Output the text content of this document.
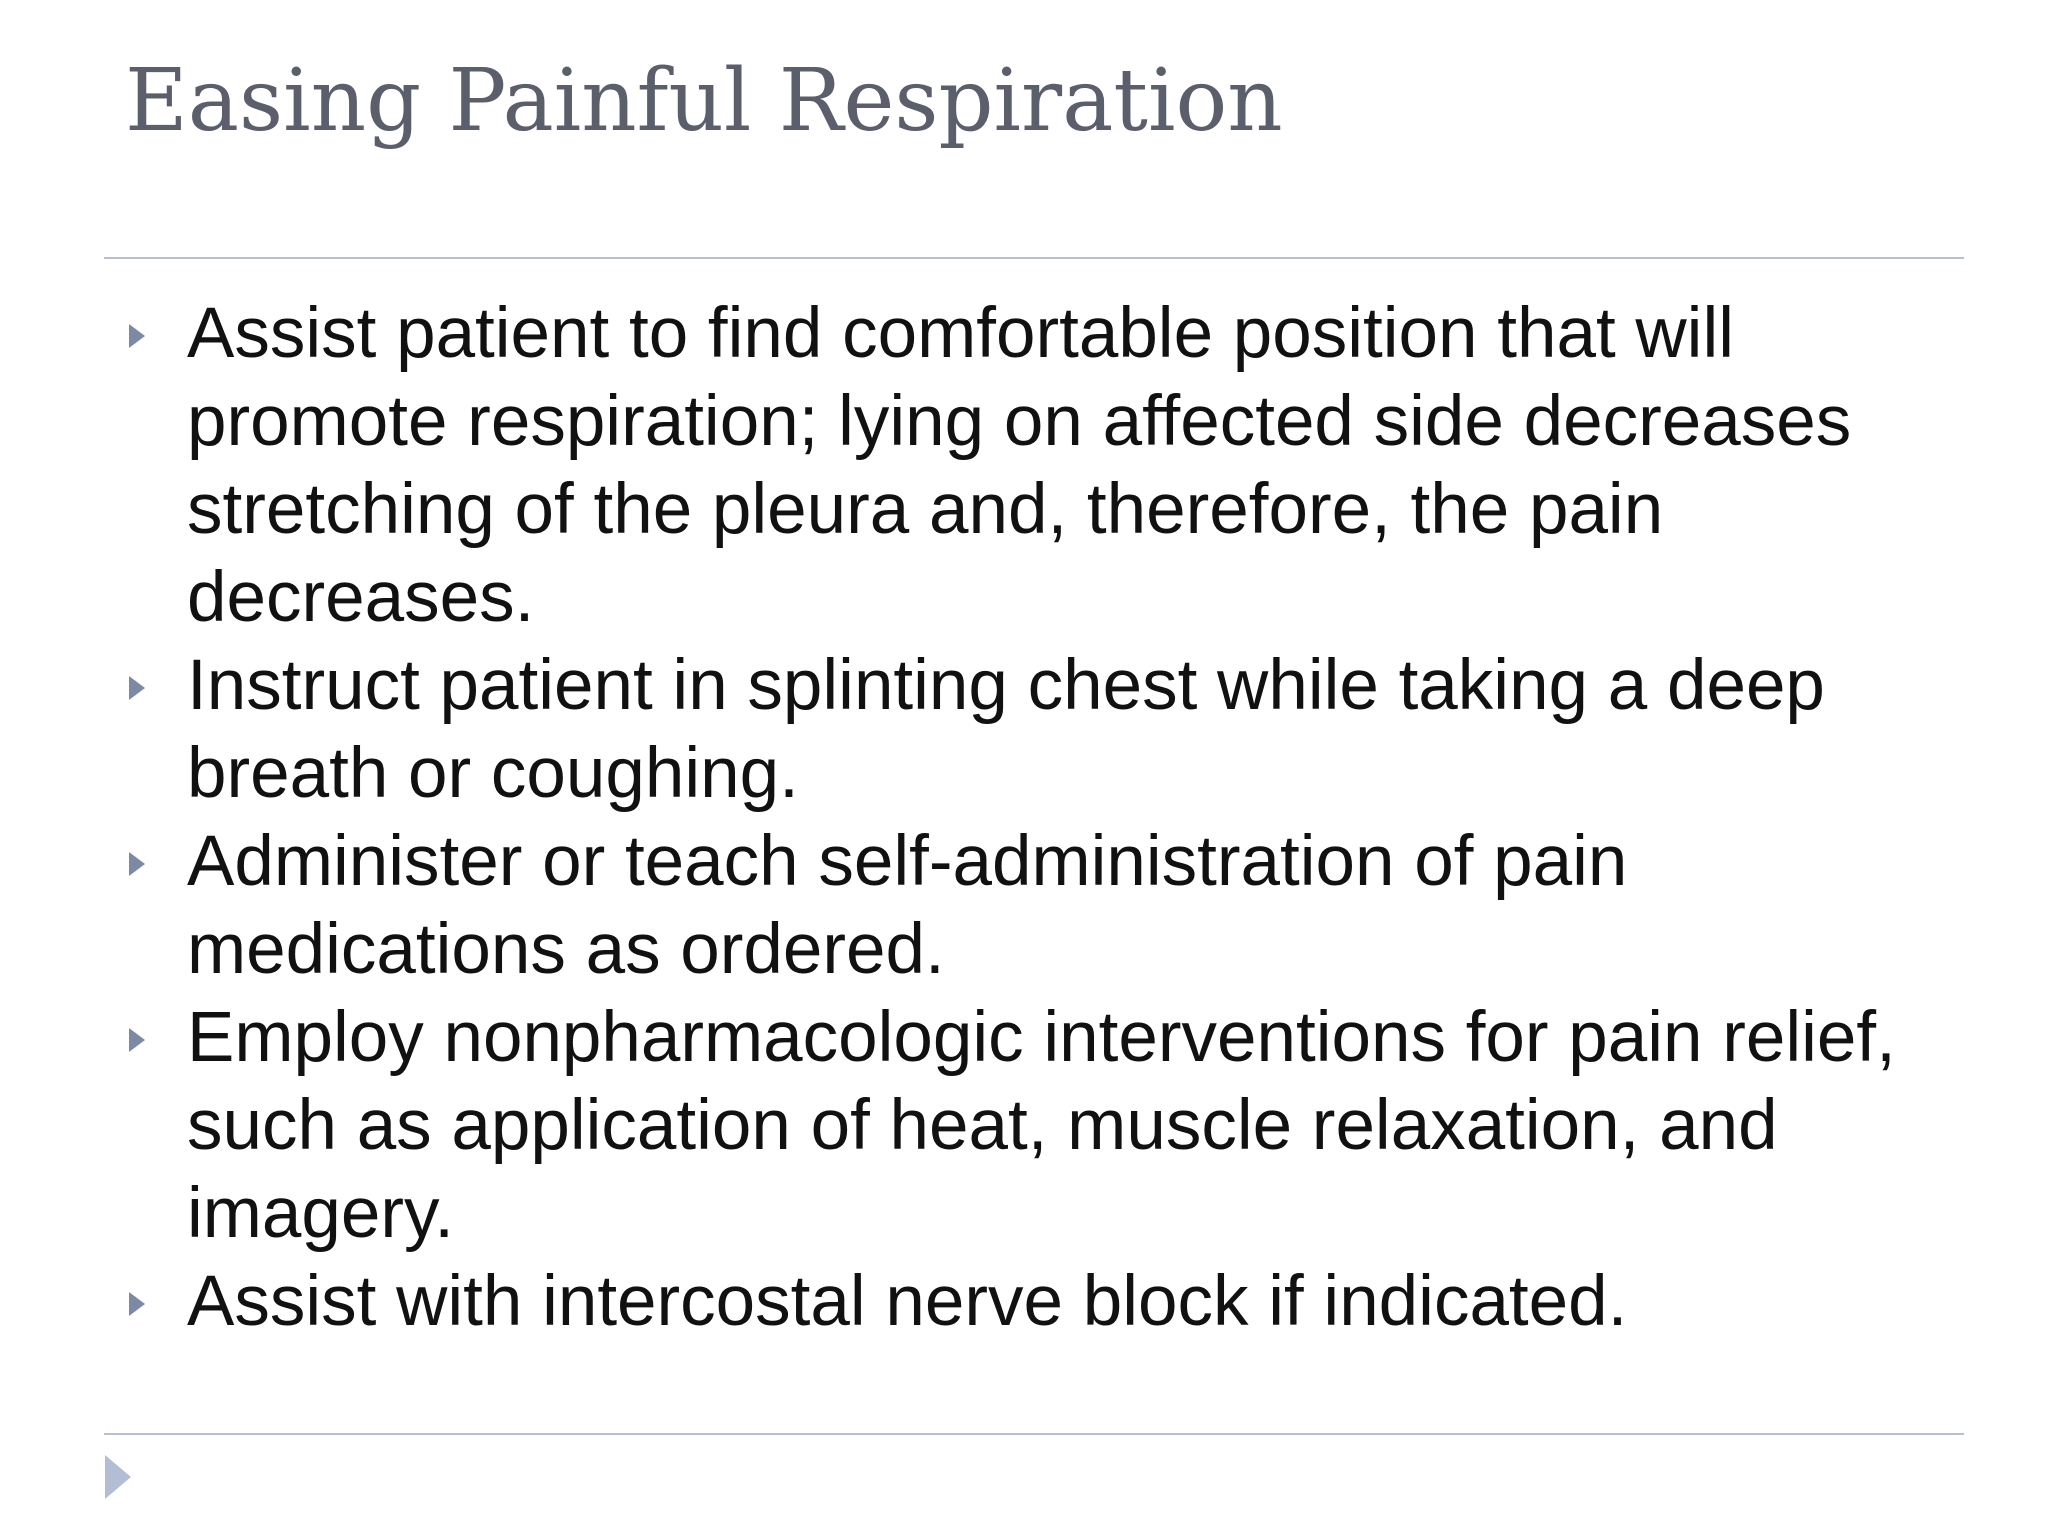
Easing Painful Respiration
Assist patient to find comfortable position that will promote respiration; lying on affected side decreases stretching of the pleura and, therefore, the pain decreases.
Instruct patient in splinting chest while taking a deep breath or coughing.
Administer or teach self-administration of pain medications as ordered.
Employ nonpharmacologic interventions for pain relief, such as application of heat, muscle relaxation, and imagery.
Assist with intercostal nerve block if indicated.
